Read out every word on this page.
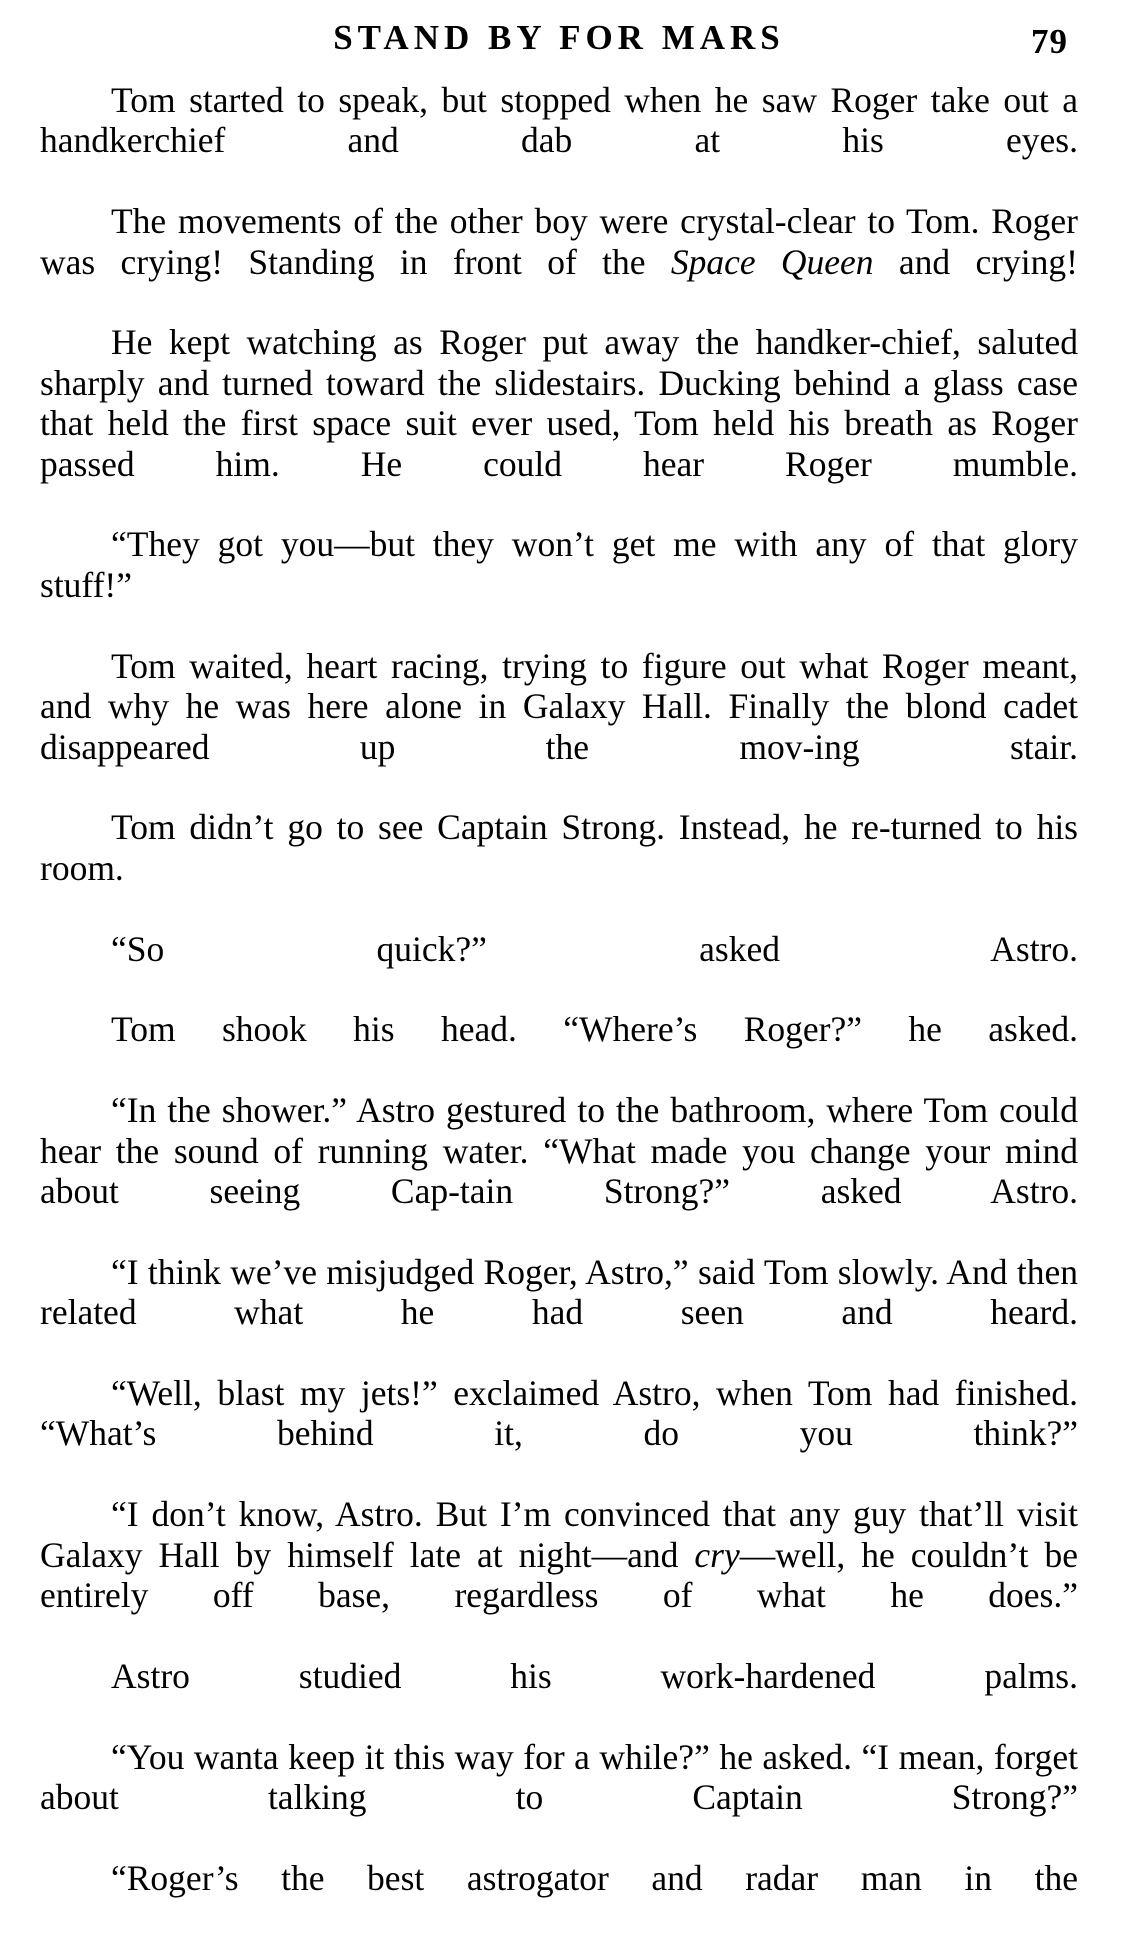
STAND BY FOR MARS	79

Tom started to speak, but stopped when he saw Roger take out a handkerchief and dab at his eyes.

The movements of the other boy were crystal-clear to Tom. Roger was crying! Standing in front of the Space Queen and crying!

He kept watching as Roger put away the handker-chief, saluted sharply and turned toward the slidestairs. Ducking behind a glass case that held the first space suit ever used, Tom held his breath as Roger passed him. He could hear Roger mumble.

“They got you—but they won’t get me with any of that glory stuff!”

Tom waited, heart racing, trying to figure out what Roger meant, and why he was here alone in Galaxy Hall. Finally the blond cadet disappeared up the mov-ing stair.

Tom didn’t go to see Captain Strong. Instead, he re-turned to his room.

“So quick?” asked Astro.

Tom shook his head. “Where’s Roger?” he asked.

“In the shower.” Astro gestured to the bathroom, where Tom could hear the sound of running water. “What made you change your mind about seeing Cap-tain Strong?” asked Astro.

“I think we’ve misjudged Roger, Astro,” said Tom slowly. And then related what he had seen and heard.

“Well, blast my jets!” exclaimed Astro, when Tom had finished. “What’s behind it, do you think?”

“I don’t know, Astro. But I’m convinced that any guy that’ll visit Galaxy Hall by himself late at night—and cry—well, he couldn’t be entirely off base, regardless of what he does.”

Astro studied his work-hardened palms.

“You wanta keep it this way for a while?” he asked. “I mean, forget about talking to Captain Strong?”

“Roger’s the best astrogator and radar man in the
